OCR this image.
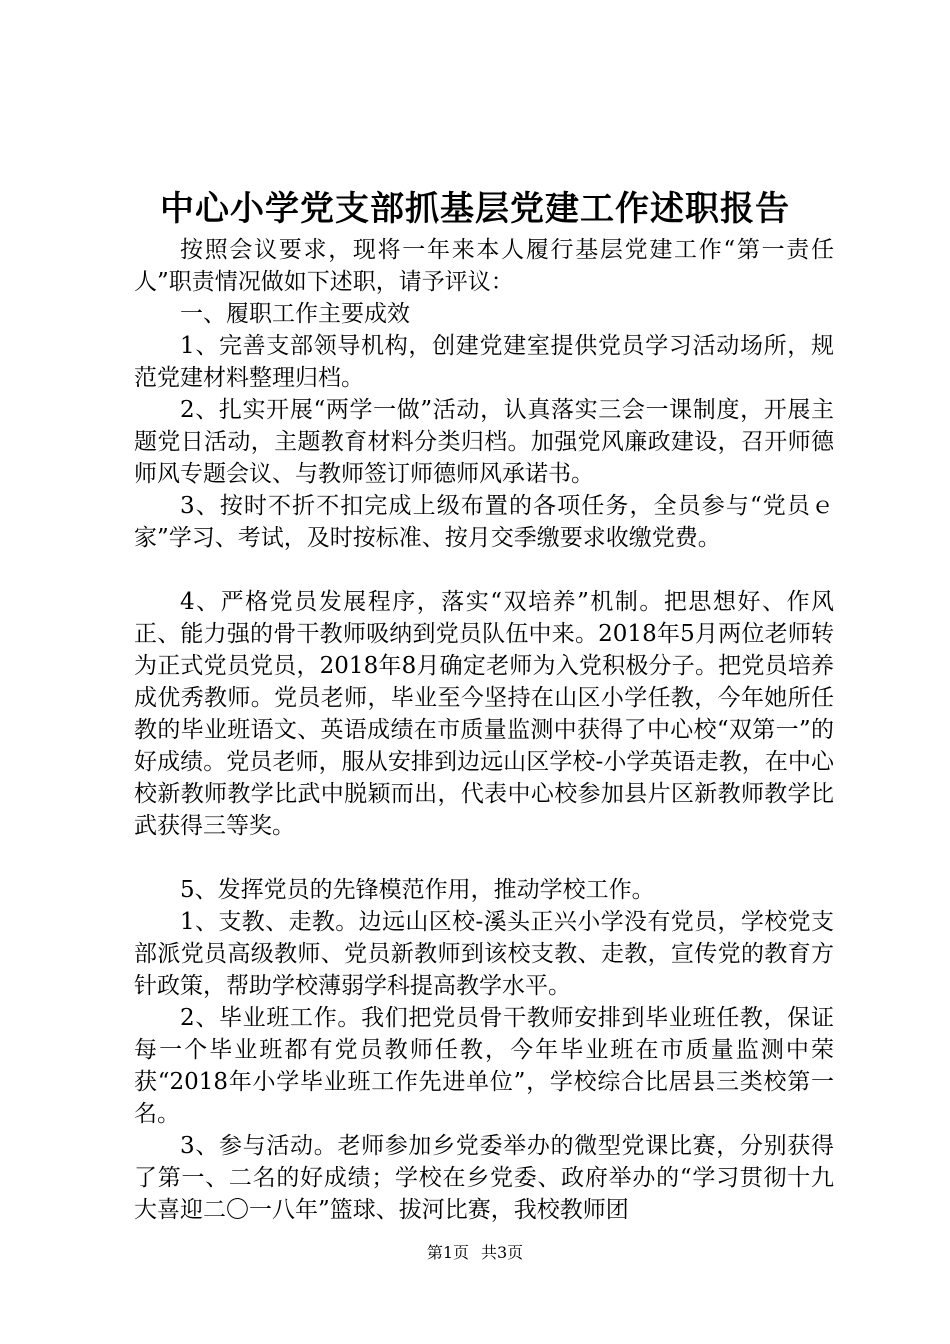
中心小学党支部抓基层党建工作述职报告

按照会议要求，现将一年来本人履行基层党建工作“第一责任人”职责情况做如下述职，请予评议：

一、履职工作主要成效

1、完善支部领导机构，创建党建室提供党员学习活动场所，规范党建材料整理归档。

2、扎实开展“两学一做”活动，认真落实三会一课制度，开展主题党日活动，主题教育材料分类归档。加强党风廉政建设，召开师德师风专题会议、与教师签订师德师风承诺书。

3、按时不折不扣完成上级布置的各项任务，全员参与“党员ｅ家”学习、考试，及时按标准、按月交季缴要求收缴党费。

4、严格党员发展程序，落实“双培养”机制。把思想好、作风正、能力强的骨干教师吸纳到党员队伍中来。2018年5月两位老师转为正式党员党员，2018年8月确定老师为入党积极分子。把党员培养成优秀教师。党员老师，毕业至今坚持在山区小学任教，今年她所任教的毕业班语文、英语成绩在市质量监测中获得了中心校“双第一”的好成绩。党员老师，服从安排到边远山区学校-小学英语走教，在中心校新教师教学比武中脱颖而出，代表中心校参加县片区新教师教学比武获得三等奖。

5、发挥党员的先锋模范作用，推动学校工作。

1、支教、走教。边远山区校-溪头正兴小学没有党员，学校党支部派党员高级教师、党员新教师到该校支教、走教，宣传党的教育方针政策，帮助学校薄弱学科提高教学水平。

2、毕业班工作。我们把党员骨干教师安排到毕业班任教，保证每一个毕业班都有党员教师任教，今年毕业班在市质量监测中荣获“2018年小学毕业班工作先进单位”，学校综合比居县三类校第一名。

3、参与活动。老师参加乡党委举办的微型党课比赛，分别获得了第一、二名的好成绩；学校在乡党委、政府举办的“学习贯彻十九大喜迎二〇一八年”篮球、拔河比赛，我校教师团

第1页 共3页
